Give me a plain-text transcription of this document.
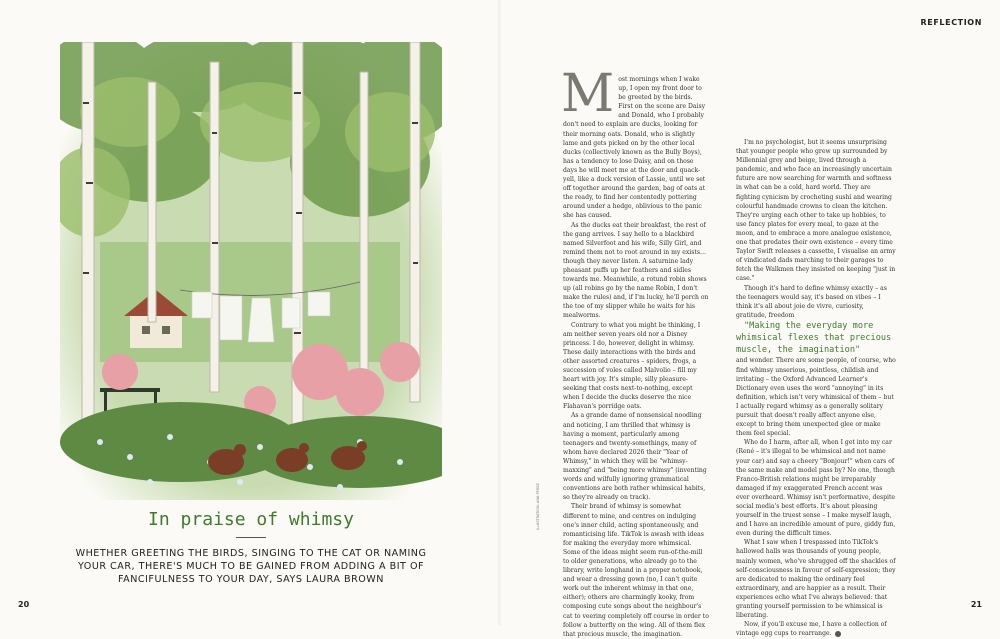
REFLECTION
ILLUSTRATION: ANA PEREZ
In praise of whimsy
WHETHER GREETING THE BIRDS, SINGING TO THE CAT OR NAMING YOUR CAR, THERE'S MUCH TO BE GAINED FROM ADDING A BIT OF FANCIFULNESS TO YOUR DAY, SAYS LAURA BROWN

Most mornings when I wake up, I open my front door to be greeted by the birds. First on the scene are Daisy and Donald, who I probably don't need to explain are ducks, looking for their morning oats. Donald, who is slightly lame and gets picked on by the other local ducks (collectively known as the Bully Boys), has a tendency to lose Daisy, and on those days he will meet me at the door and quack-yell, like a duck version of Lassie, until we set off together around the garden, bag of oats at the ready, to find her contentedly pottering around under a hedge, oblivious to the panic she has caused.

As the ducks eat their breakfast, the rest of the gang arrives. I say hello to a blackbird named Silverfoot and his wife, Silly Girl, and remind them not to root around in my exists… though they never listen. A saturnine lady pheasant puffs up her feathers and sidles towards me. Meanwhile, a rotund robin shows up (all robins go by the name Robin, I don't make the rules) and, if I'm lucky, he'll perch on the toe of my slipper while he waits for his mealworms.

Contrary to what you might be thinking, I am neither seven years old nor a Disney princess. I do, however, delight in whimsy. These daily interactions with the birds and other assorted creatures – spiders, frogs, a succession of voles called Malvolio – fill my heart with joy. It's simple, silly pleasure-seeking that costs next-to-nothing, except when I decide the ducks deserve the nice Flahavan's porridge oats.

As a grande dame of nonsensical noodling and noticing, I am thrilled that whimsy is having a moment, particularly among teenagers and twenty-somethings, many of whom have declared 2026 their "Year of Whimsy," in which they will be "whimsy-maxxing" and "being more whimsy" (inventing words and wilfully ignoring grammatical conventions are both rather whimsical habits, so they're already on track).

Their brand of whimsy is somewhat different to mine, and centres on indulging one's inner child, acting spontaneously, and romanticising life. TikTok is awash with ideas for making the everyday more whimsical. Some of the ideas might seem run-of-the-mill to older generations, who already go to the library, write longhand in a proper notebook, and wear a dressing gown (no, I can't quite work out the inherent whimsy in that one, either); others are charmingly kooky, from composing cute songs about the neighbour's cat to veering completely off course in order to follow a butterfly on the wing. All of them flex that precious muscle, the imagination.

I'm no psychologist, but it seems unsurprising that younger people who grew up surrounded by Millennial grey and beige, lived through a pandemic, and who face an increasingly uncertain future are now searching for warmth and softness in what can be a cold, hard world. They are fighting cynicism by crocheting sushi and wearing colourful handmade crowns to clean the kitchen. They're urging each other to take up hobbies, to use fancy plates for every meal, to gaze at the moon, and to embrace a more analogue existence, one that predates their own existence – every time Taylor Swift releases a cassette, I visualise an army of vindicated dads marching to their garages to fetch the Walkmen they insisted on keeping "just in case."

Though it's hard to define whimsy exactly – as the teenagers would say, it's based on vibes – I think it's all about joie de vivre, curiosity, gratitude, freedom

"Making the everyday more whimsical flexes that precious muscle, the imagination"

and wonder. There are some people, of course, who find whimsy unserious, pointless, childish and irritating – the Oxford Advanced Learner's Dictionary even uses the word "annoying" in its definition, which isn't very whimsical of them – but I actually regard whimsy as a generally solitary pursuit that doesn't really affect anyone else, except to bring them unexpected glee or make them feel special.

Who do I harm, after all, when I get into my car (René – it's illegal to be whimsical and not name your car) and say a cheery "Bonjour!" when cars of the same make and model pass by? No one, though Franco-British relations might be irreparably damaged if my exaggerated French accent was ever overheard. Whimsy isn't performative, despite social media's best efforts. It's about pleasing yourself in the truest sense – I make myself laugh, and I have an incredible amount of pure, giddy fun, even during the difficult times.

What I saw when I trespassed into TikTok's hallowed halls was thousands of young people, mainly women, who've shrugged off the shackles of self-consciousness in favour of self-expression; they are dedicated to making the ordinary feel extraordinary, and are happier as a result. Their experiences echo what I've always believed: that granting yourself permission to be whimsical is liberating.

Now, if you'll excuse me, I have a collection of vintage egg cups to rearrange.

20	21
